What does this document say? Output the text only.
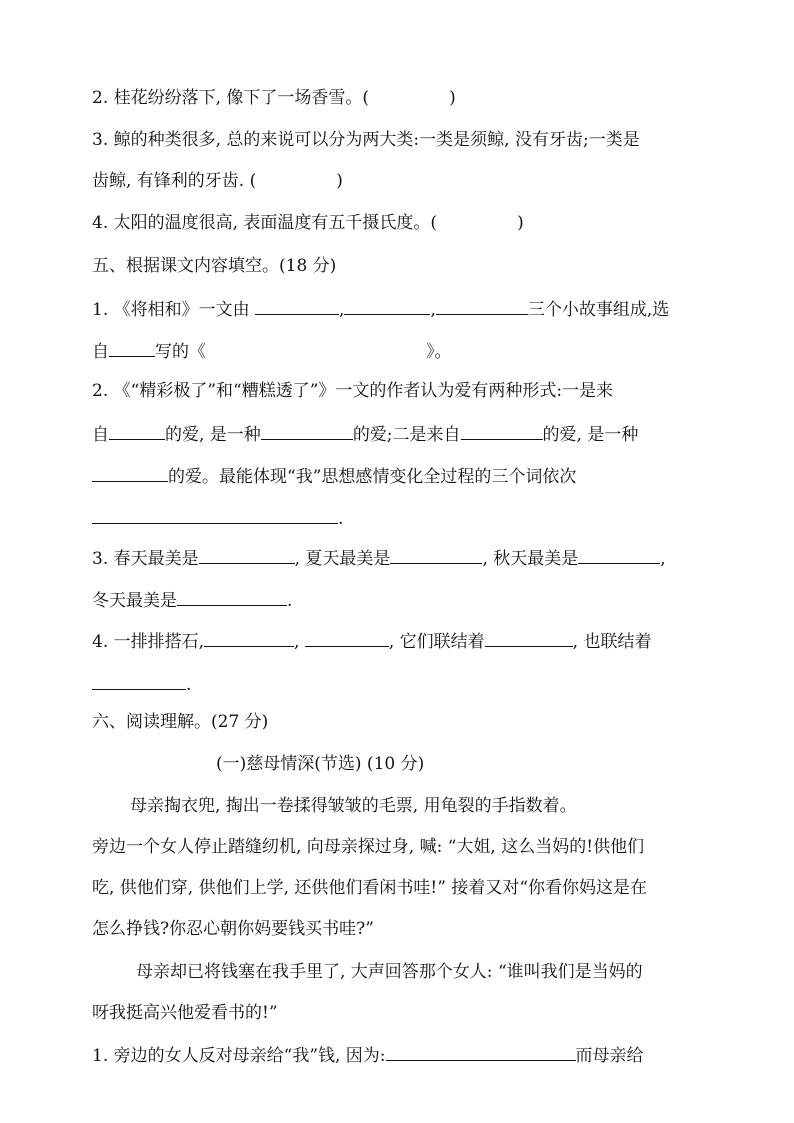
2. 桂花纷纷落下, 像下了一场香雪。(	)
3. 鲸的种类很多, 总的来说可以分为两大类:一类是须鲸, 没有牙齿;一类是
齿鲸, 有锋利的牙齿. (	)
4. 太阳的温度很高, 表面温度有五千摄氏度。(	)
五、根据课文内容填空。(18 分)
1. 《将相和》一文由	,	,	三个小故事组成,选
自	写的《	》。
2. 《“精彩极了”和“糟糕透了”》一文的作者认为爱有两种形式:一是来
自	的爱, 是一种	的爱;二是来自	的爱, 是一种
的爱。最能体现“我”思想感情变化全过程的三个词依次
.
3. 春天最美是	, 夏天最美是	, 秋天最美是	,
冬天最美是	.
4. 一排排搭石,	,	, 它们联结着	, 也联结着
.
六、阅读理解。(27 分)
(一)慈母情深(节选) (10 分)
母亲掏衣兜, 掏出一卷揉得皱皱的毛票, 用龟裂的手指数着。
旁边一个女人停止踏缝纫机, 向母亲探过身, 喊: “大姐, 这么当妈的!供他们
吃, 供他们穿, 供他们上学, 还供他们看闲书哇!” 接着又对“你看你妈这是在
怎么挣钱?你忍心朝你妈要钱买书哇?”
母亲却已将钱塞在我手里了, 大声回答那个女人: “谁叫我们是当妈的
呀我挺高兴他爱看书的!”
1. 旁边的女人反对母亲给“我”钱, 因为:	而母亲给
